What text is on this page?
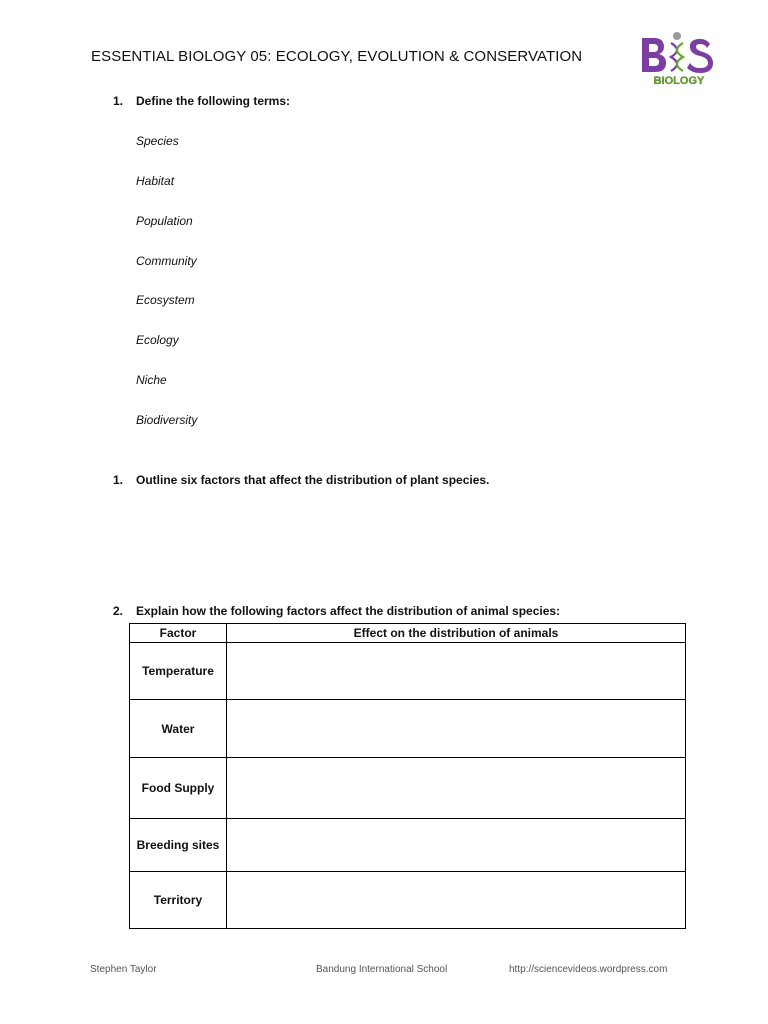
ESSENTIAL BIOLOGY 05: ECOLOGY, EVOLUTION & CONSERVATION
BIOLOGY
1. Define the following terms:
Species
Habitat
Population
Community
Ecosystem
Ecology
Niche
Biodiversity
1. Outline six factors that affect the distribution of plant species.
2. Explain how the following factors affect the distribution of animal species:
Factor	Effect on the distribution of animals
Temperature	
Water	
Food Supply	
Breeding sites	
Territory	
Stephen Taylor	Bandung International School	http://sciencevideos.wordpress.com
